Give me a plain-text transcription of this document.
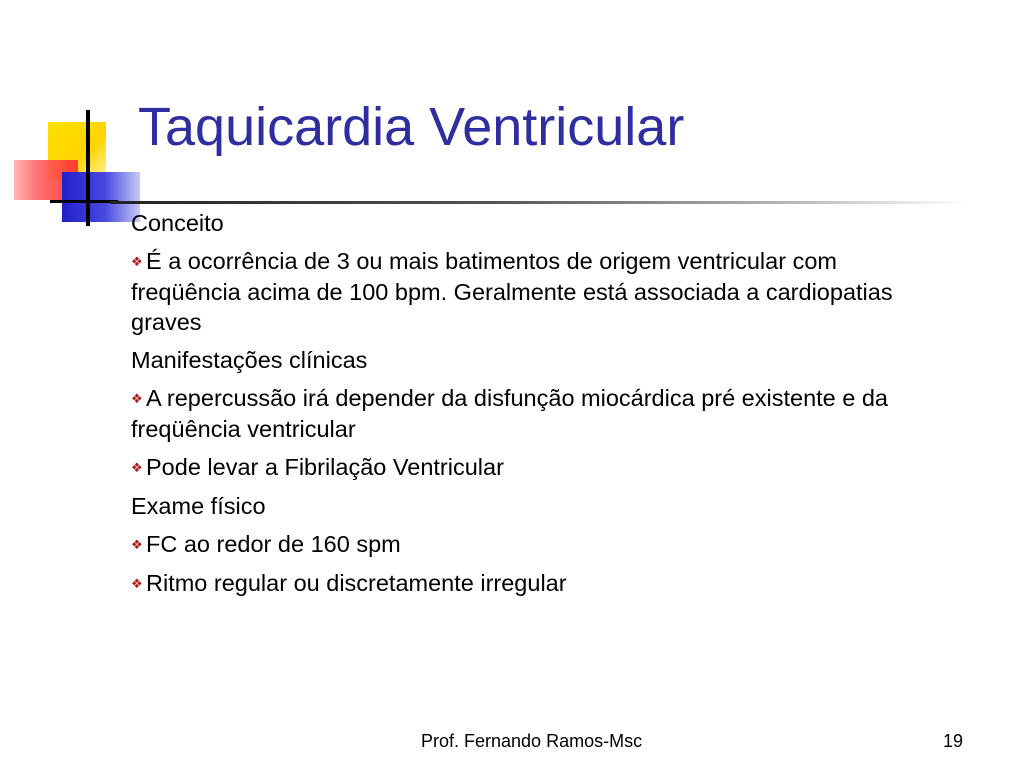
Taquicardia Ventricular

Conceito

❖ É a ocorrência de 3 ou mais batimentos de origem ventricular com freqüência acima de 100 bpm. Geralmente está associada a cardiopatias graves

Manifestações clínicas

❖ A repercussão irá depender da disfunção miocárdica pré existente e da freqüência ventricular

❖ Pode levar a Fibrilação Ventricular

Exame físico

❖ FC ao redor de 160 spm

❖ Ritmo regular ou discretamente irregular

Prof. Fernando Ramos-Msc	19
